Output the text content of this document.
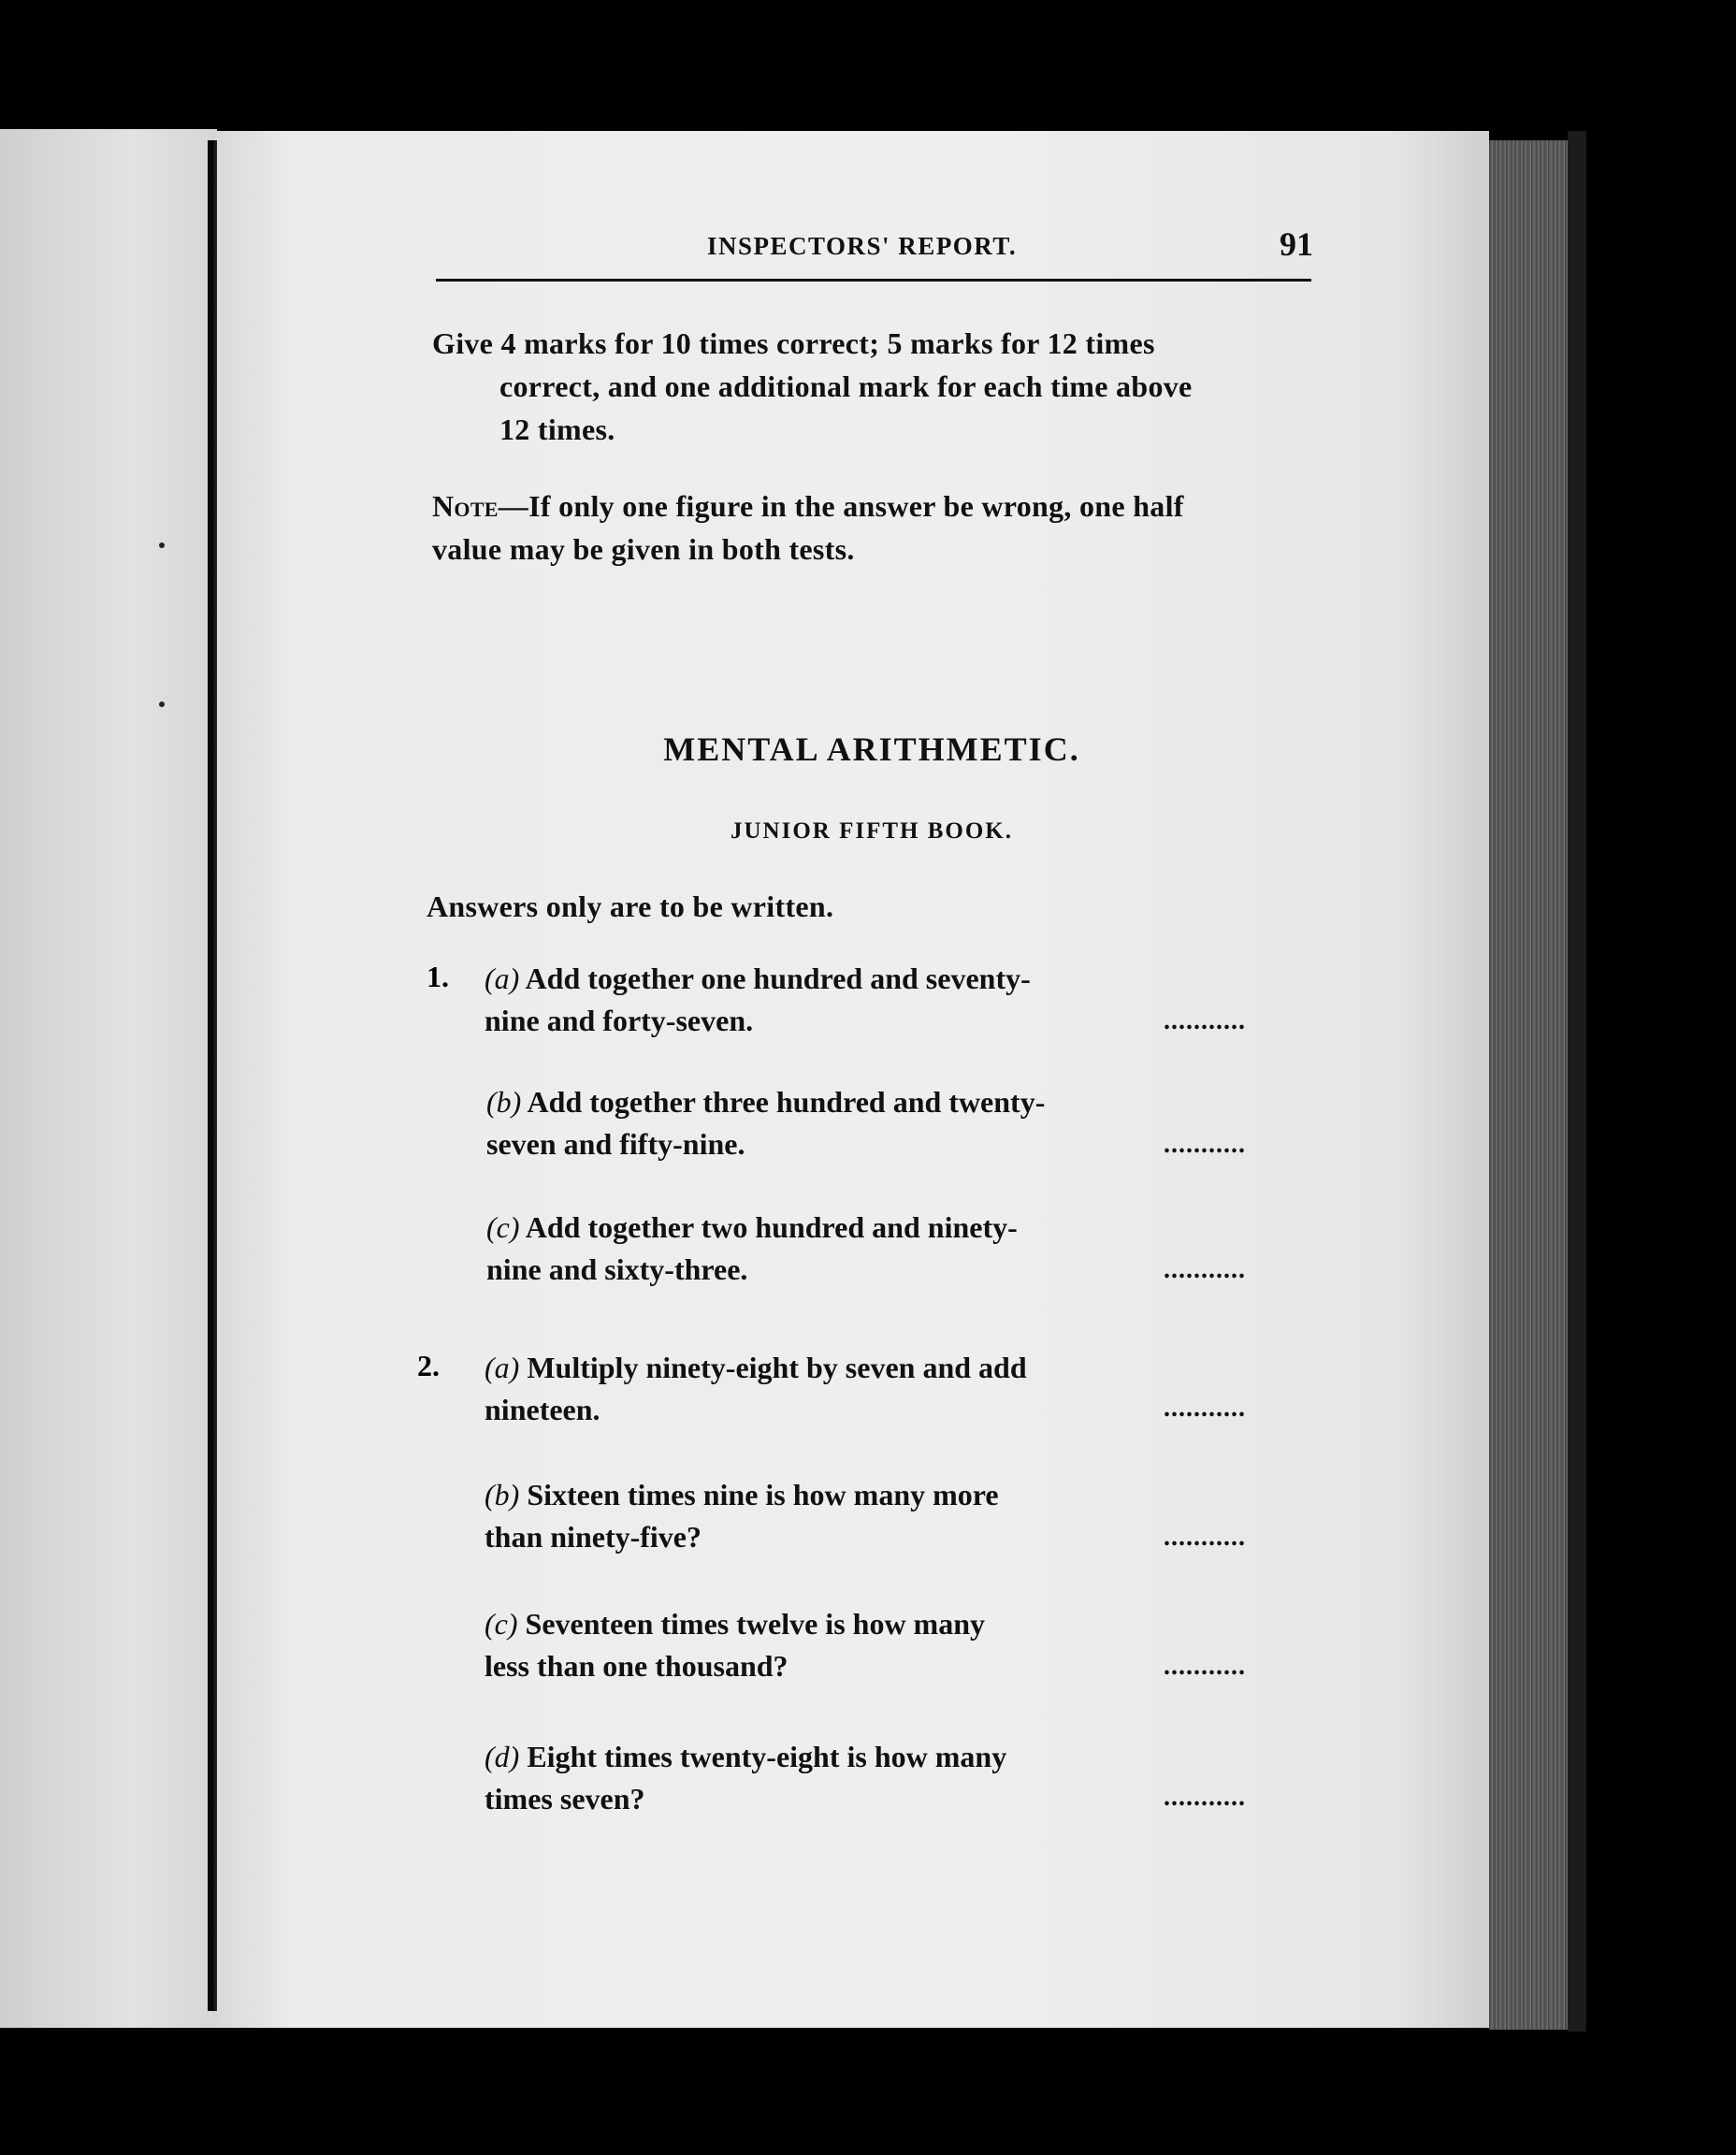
INSPECTORS' REPORT.	91
Give 4 marks for 10 times correct; 5 marks for 12 times
correct, and one additional mark for each time above
12 times.
Note—If only one figure in the answer be wrong, one half
value may be given in both tests.
MENTAL ARITHMETIC.
JUNIOR FIFTH BOOK.
Answers only are to be written.
1. (a) Add together one hundred and seventy-
nine and forty-seven.	...........
(b) Add together three hundred and twenty-
seven and fifty-nine.	...........
(c) Add together two hundred and ninety-
nine and sixty-three.	...........
2. (a) Multiply ninety-eight by seven and add
nineteen.	...........
(b) Sixteen times nine is how many more
than ninety-five?	...........
(c) Seventeen times twelve is how many
less than one thousand?	...........
(d) Eight times twenty-eight is how many
times seven?	...........
